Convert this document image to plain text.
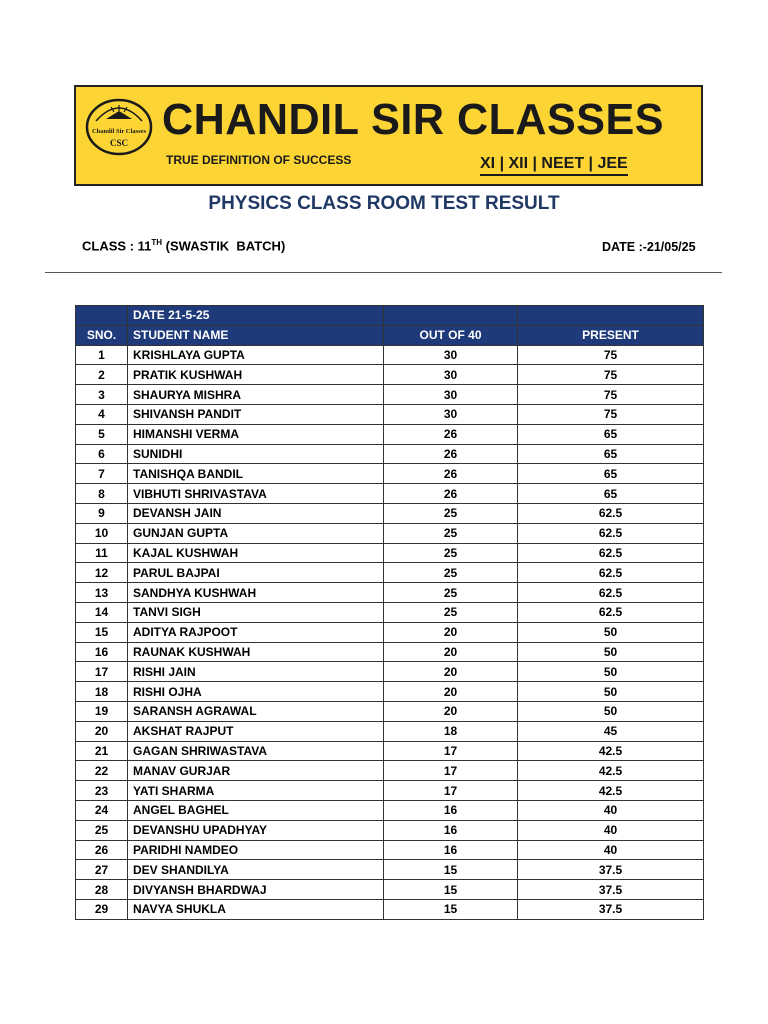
Chandil Sir Classes
CSC CHANDIL SIR CLASSES
TRUE DEFINITION OF SUCCESS	XI | XII | NEET | JEE
PHYSICS CLASS ROOM TEST RESULT
CLASS : 11TH (SWASTIK  BATCH)	DATE :-21/05/25
	DATE 21-5-25		
SNO.	STUDENT NAME	OUT OF 40	PRESENT
1	KRISHLAYA GUPTA	30	75
2	PRATIK KUSHWAH	30	75
3	SHAURYA MISHRA	30	75
4	SHIVANSH PANDIT	30	75
5	HIMANSHI VERMA	26	65
6	SUNIDHI	26	65
7	TANISHQA BANDIL	26	65
8	VIBHUTI SHRIVASTAVA	26	65
9	DEVANSH JAIN	25	62.5
10	GUNJAN GUPTA	25	62.5
11	KAJAL KUSHWAH	25	62.5
12	PARUL BAJPAI	25	62.5
13	SANDHYA KUSHWAH	25	62.5
14	TANVI SIGH	25	62.5
15	ADITYA RAJPOOT	20	50
16	RAUNAK KUSHWAH	20	50
17	RISHI JAIN	20	50
18	RISHI OJHA	20	50
19	SARANSH AGRAWAL	20	50
20	AKSHAT RAJPUT	18	45
21	GAGAN SHRIWASTAVA	17	42.5
22	MANAV GURJAR	17	42.5
23	YATI SHARMA	17	42.5
24	ANGEL BAGHEL	16	40
25	DEVANSHU UPADHYAY	16	40
26	PARIDHI NAMDEO	16	40
27	DEV SHANDILYA	15	37.5
28	DIVYANSH BHARDWAJ	15	37.5
29	NAVYA SHUKLA	15	37.5
